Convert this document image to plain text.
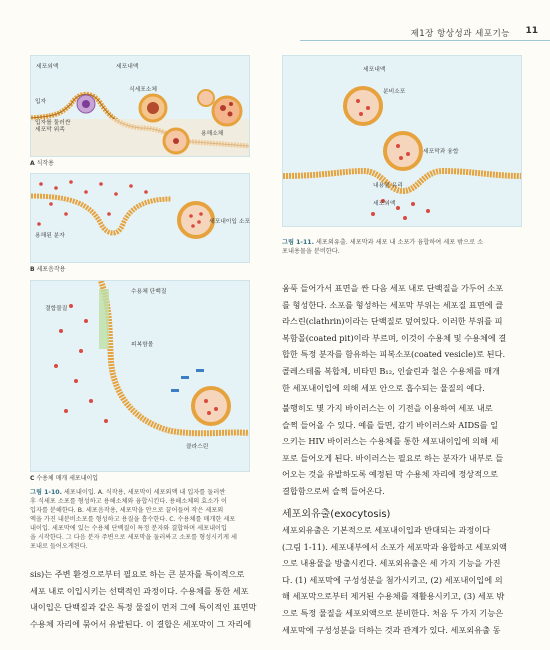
제1장 항상성과 세포기능 11
세포외액	세포내액
입자
식세포소체
입자를 둘러싼 세포막 위족
용해소체
A 식작용
용해된 분자
세포내이입 소포
B 세포음작용
수용체 단백질
결합물질
피복함몰
클라스린
C 수용체 매개 세포내이입
그림 1-10. 세포내이입. A. 식작용, 세포막이 세포외액 내 입자를 둘러싼
후 식세포 소포를 형성하고 용해소체와 융합시킨다. 용해소체의 효소가 이
입자를 분해한다. B. 세포음작용, 세포막을 안으로 끌어들여 작은 세포외
액을 가진 내분비소포를 형성하고 용질을 흡수한다. C. 수용체를 매개한 세포
내이입. 세포막에 있는 수용체 단백질이 특정 분자와 결합하며 세포내이입
을 시작한다. 그 다음 분자 주변으로 세포막을 둘러싸고 소포를 형성시키게 세
포내로 들어오게된다.
sis)는 주변 환경으로부터 필요로 하는 큰 분자를 특이적으로
세포 내로 이입시키는 선택적인 과정이다. 수용체를 통한 세포
내이입은 단백질과 같은 특정 물질이 먼저 그에 특이적인 표면막
수용체 자리에 묶어서 유발된다. 이 결합은 세포막이 그 자리에
세포내액
분비소포
세포막과 융합
내용물 유리
세포외액
그림 1-11. 세포외유출. 세포막과 세포 내 소포가 융합하여 세포 밖으로 소
포내용물을 분비한다.
움푹 들어가서 표면을 싼 다음 세포 내로 단백질을 가두어 소포
를 형성한다. 소포를 형성하는 세포막 부위는 세포질 표면에 클
라스린(clathrin)이라는 단백질로 덮여있다. 이러한 부위를 피
복함몰(coated pit)이라 부르며, 이것이 수용체 및 수용체에 결
합한 특정 분자를 함유하는 피복소포(coated vesicle)로 된다.
콜레스테롤 복합체, 비타민 B₁₂, 인슐린과 철은 수용체를 매개
한 세포내이입에 의해 세포 안으로 흡수되는 물질의 예다.
불행히도 몇 가지 바이러스는 이 기전을 이용하여 세포 내로
슬쩍 들어올 수 있다. 예를 들면, 감기 바이러스와 AIDS를 일
으키는 HIV 바이러스는 수용체를 통한 세포내이입에 의해 세
포로 들어오게 된다. 바이러스는 필요로 하는 분자가 내부로 들
어오는 것을 유발하도록 예정된 막 수용체 자리에 정상적으로
결합함으로써 슬쩍 들어온다.
세포외유출(exocytosis)
세포외유출은 기본적으로 세포내이입과 반대되는 과정이다
(그림 1-11). 세포내부에서 소포가 세포막과 융합하고 세포외액
으로 내용물을 방출시킨다. 세포외유출은 세 가지 기능을 가진
다. (1) 세포막에 구성성분을 첨가시키고, (2) 세포내이입에 의
해 세포막으로부터 제거된 수용체를 재활용시키고, (3) 세포 밖
으로 특정 물질을 세포외액으로 분비한다. 처음 두 가지 기능은
세포막에 구성성분을 더하는 것과 관계가 있다. 세포외유출 동
